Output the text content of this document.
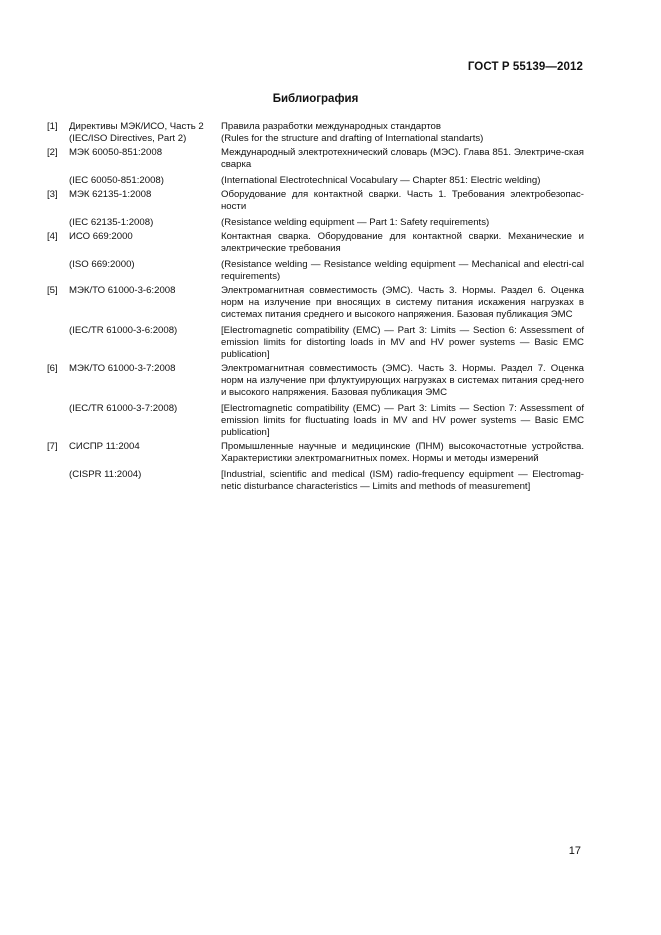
ГОСТ Р 55139—2012
Библиография
[1]	Директивы МЭК/ИСО, Часть 2	Правила разработки международных стандартов
(IEC/ISO Directives, Part 2)	(Rules for the structure and drafting of International standarts)
[2]	МЭК 60050-851:2008	Международный электротехнический словарь (МЭС). Глава 851. Электриче-ская сварка
(IEC 60050-851:2008)	(International Electrotechnical Vocabulary — Chapter 851: Electric welding)
[3]	МЭК 62135-1:2008	Оборудование для контактной сварки. Часть 1. Требования электробезопас-ности
(IEC 62135-1:2008)	(Resistance welding equipment — Part 1: Safety requirements)
[4]	ИСО 669:2000	Контактная сварка. Оборудование для контактной сварки. Механические и электрические требования
(ISO 669:2000)	(Resistance welding — Resistance welding equipment — Mechanical and electri-cal requirements)
[5]	МЭК/ТО 61000-3-6:2008	Электромагнитная совместимость (ЭМС). Часть 3. Нормы. Раздел 6. Оценка норм на излучение при вносящих в систему питания искажения нагрузках в системах питания среднего и высокого напряжения. Базовая публикация ЭМС
(IEC/TR 61000-3-6:2008)	[Electromagnetic compatibility (EMC) — Part 3: Limits — Section 6: Assessment of emission limits for distorting loads in MV and HV power systems — Basic EMC publication]
[6]	МЭК/ТО 61000-3-7:2008	Электромагнитная совместимость (ЭМС). Часть 3. Нормы. Раздел 7. Оценка норм на излучение при флуктуирующих нагрузках в системах питания сред-него и высокого напряжения. Базовая публикация ЭМС
(IEC/TR 61000-3-7:2008)	[Electromagnetic compatibility (EMC) — Part 3: Limits — Section 7: Assessment of emission limits for fluctuating loads in MV and HV power systems — Basic EMC publication]
[7]	СИСПР 11:2004	Промышленные научные и медицинские (ПНМ) высокочастотные устройства. Характеристики электромагнитных помех. Нормы и методы измерений
(CISPR 11:2004)	[Industrial, scientific and medical (ISM) radio-frequency equipment — Electromag-netic disturbance characteristics — Limits and methods of measurement]
17
